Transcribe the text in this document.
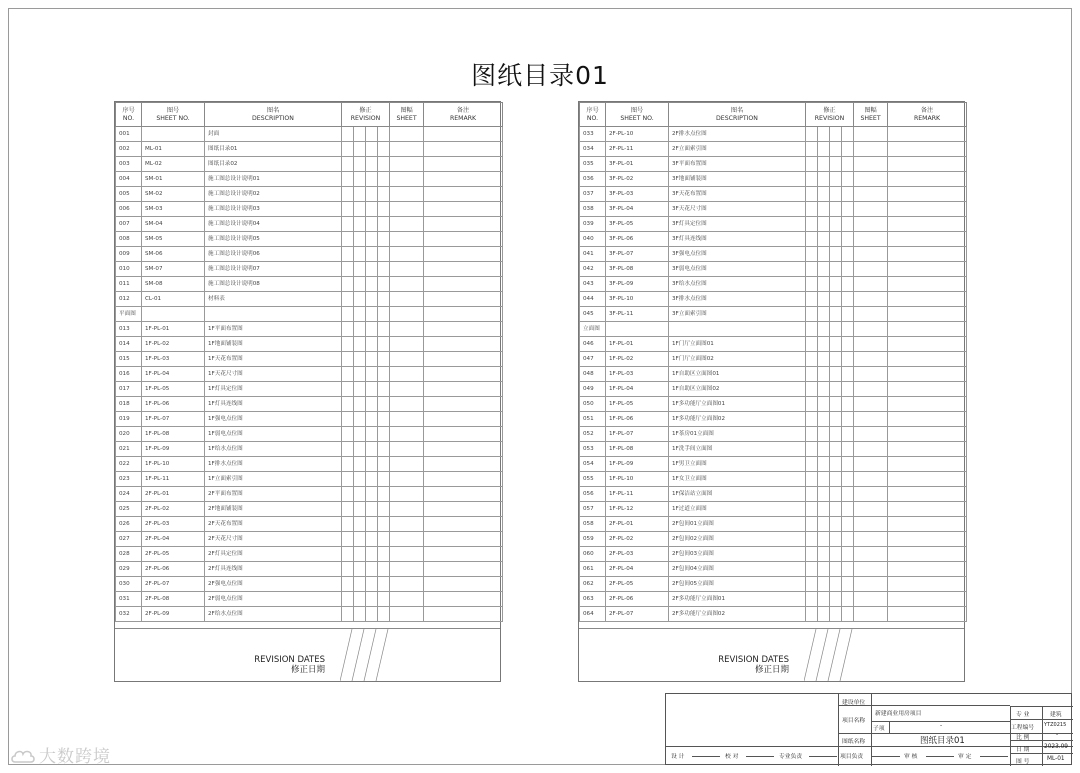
图纸目录01
序号
NO.	图号
SHEET NO.	图名
DESCRIPTION	修正
REVISION				图幅
SHEET	备注
REMARK
001		封面						
002	ML-01	图纸目录01						
003	ML-02	图纸目录02						
004	SM-01	施工图总设计说明01						
005	SM-02	施工图总设计说明02						
006	SM-03	施工图总设计说明03						
007	SM-04	施工图总设计说明04						
008	SM-05	施工图总设计说明05						
009	SM-06	施工图总设计说明06						
010	SM-07	施工图总设计说明07						
011	SM-08	施工图总设计说明08						
012	CL-01	材料表						
平面图								
013	1F-PL-01	1F平面布置图						
014	1F-PL-02	1F地面铺装图						
015	1F-PL-03	1F天花布置图						
016	1F-PL-04	1F天花尺寸图						
017	1F-PL-05	1F灯具定位图						
018	1F-PL-06	1F灯具连线图						
019	1F-PL-07	1F强电点位图						
020	1F-PL-08	1F弱电点位图						
021	1F-PL-09	1F给水点位图						
022	1F-PL-10	1F排水点位图						
023	1F-PL-11	1F立面索引图						
024	2F-PL-01	2F平面布置图						
025	2F-PL-02	2F地面铺装图						
026	2F-PL-03	2F天花布置图						
027	2F-PL-04	2F天花尺寸图						
028	2F-PL-05	2F灯具定位图						
029	2F-PL-06	2F灯具连线图						
030	2F-PL-07	2F强电点位图						
031	2F-PL-08	2F弱电点位图						
032	2F-PL-09	2F给水点位图						
REVISION DATES
修正日期
序号
NO.	图号
SHEET NO.	图名
DESCRIPTION	修正
REVISION				图幅
SHEET	备注
REMARK
033	2F-PL-10	2F排水点位图						
034	2F-PL-11	2F立面索引图						
035	3F-PL-01	3F平面布置图						
036	3F-PL-02	3F地面铺装图						
037	3F-PL-03	3F天花布置图						
038	3F-PL-04	3F天花尺寸图						
039	3F-PL-05	3F灯具定位图						
040	3F-PL-06	3F灯具连线图						
041	3F-PL-07	3F强电点位图						
042	3F-PL-08	3F弱电点位图						
043	3F-PL-09	3F给水点位图						
044	3F-PL-10	3F排水点位图						
045	3F-PL-11	3F立面索引图						
立面图								
046	1F-PL-01	1F门厅立面图01						
047	1F-PL-02	1F门厅立面图02						
048	1F-PL-03	1F自助区立面图01						
049	1F-PL-04	1F自助区立面图02						
050	1F-PL-05	1F多功能厅立面图01						
051	1F-PL-06	1F多功能厅立面图02						
052	1F-PL-07	1F茶房01立面图						
053	1F-PL-08	1F洗手间立面图						
054	1F-PL-09	1F男卫立面图						
055	1F-PL-10	1F女卫立面图						
056	1F-PL-11	1F保洁站立面图						
057	1F-PL-12	1F过道立面图						
058	2F-PL-01	2F包间01立面图						
059	2F-PL-02	2F包间02立面图						
060	2F-PL-03	2F包间03立面图						
061	2F-PL-04	2F包间04立面图						
062	2F-PL-05	2F包间05立面图						
063	2F-PL-06	2F多功能厅立面图01						
064	2F-PL-07	2F多功能厅立面图02						
REVISION DATES
修正日期
建设单位
项目名称
新建商业用房项目
子项	-
图纸名称	图纸目录01
设 计	校 对	专业负责	项目负责	审 核	审 定
专 业	建筑
工程编号 YTZ0215
比 例	-
日 期	2023.09
图 号	ML-01
大数跨境
